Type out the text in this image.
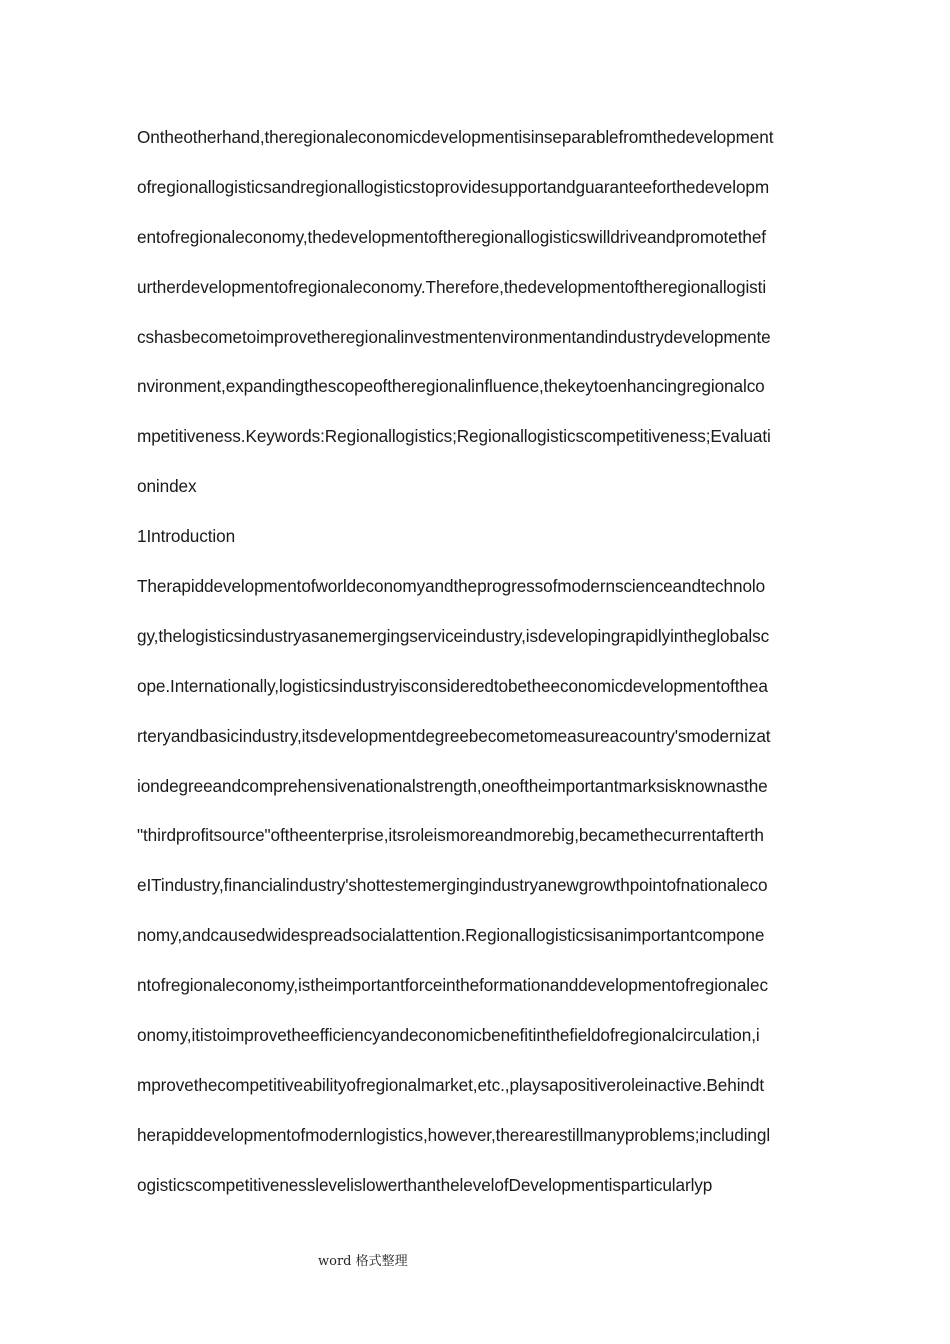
Ontheotherhand,theregionaleconomicdevelopmentisinseparablefromthedevelopment
ofregionallogisticsandregionallogisticstoprovidesupportandguaranteeforthedevelopm
entofregionaleconomy,thedevelopmentoftheregionallogisticswilldriveandpromotethef
urtherdevelopmentofregionaleconomy.Therefore,thedevelopmentoftheregionallogisti
cshasbecometoimprovetheregionalinvestmentenvironmentandindustrydevelopmente
nvironment,expandingthescopeoftheregionalinfluence,thekeytoenhancingregionalco
mpetitiveness.Keywords:Regionallogistics;Regionallogisticscompetitiveness;Evaluati
onindex
1Introduction
Therapiddevelopmentofworldeconomyandtheprogressofmodernscienceandtechnolo
gy,thelogisticsindustryasanemergingserviceindustry,isdevelopingrapidlyintheglobalsc
ope.Internationally,logisticsindustryisconsideredtobetheeconomicdevelopmentofthea
rteryandbasicindustry,itsdevelopmentdegreebecometomeasureacountry'smodernizat
iondegreeandcomprehensivenationalstrength,oneoftheimportantmarksisknownasthe
"thirdprofitsource"oftheenterprise,itsroleismoreandmorebig,becamethecurrentafterth
eITindustry,financialindustry'shottestemergingindustryanewgrowthpointofnationaleco
nomy,andcausedwidespreadsocialattention.Regionallogisticsisanimportantcompone
ntofregionaleconomy,istheimportantforceintheformationanddevelopmentofregionalec
onomy,itistoimprovetheefficiencyandeconomicbenefitinthefieldofregionalcirculation,i
mprovethecompetitiveabilityofregionalmarket,etc.,playsapositiveroleinactive.Behindt
herapiddevelopmentofmodernlogistics,however,therearestillmanyproblems;includingl
ogisticscompetitivenesslevelislowerthanthelevelofDevelopmentisparticularlyp
word 格式整理
